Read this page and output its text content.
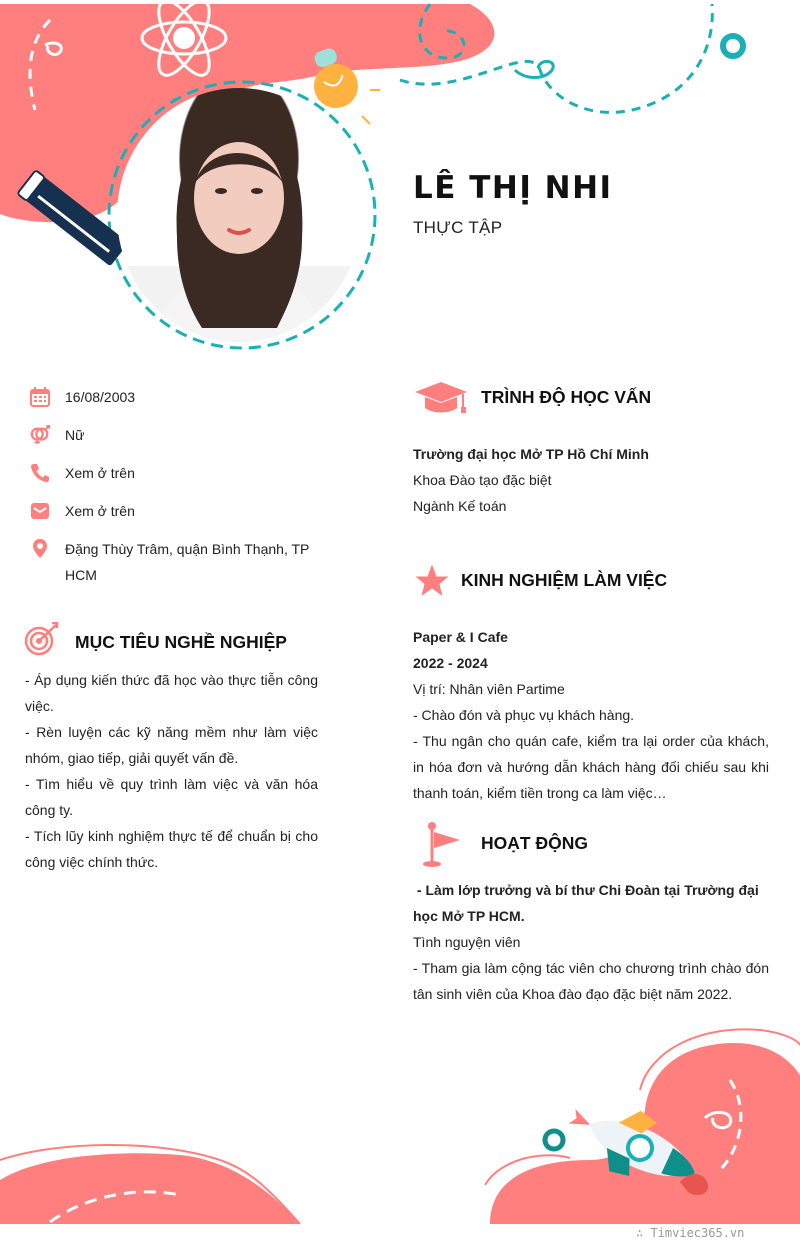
LÊ THỊ NHI
THỰC TẬP
16/08/2003
Nữ
Xem ở trên
Xem ở trên
Đặng Thùy Trâm, quận Bình Thạnh, TP HCM
MỤC TIÊU NGHỀ NGHIỆP

- Áp dụng kiến thức đã học vào thực tiễn công việc.

- Rèn luyện các kỹ năng mềm như làm việc nhóm, giao tiếp, giải quyết vấn đề.

- Tìm hiểu về quy trình làm việc và văn hóa công ty.

- Tích lũy kinh nghiệm thực tế để chuẩn bị cho công việc chính thức.

TRÌNH ĐỘ HỌC VẤN

Trường đại học Mở TP Hồ Chí Minh

Khoa Đào tạo đặc biệt

Ngành Kế toán

KINH NGHIỆM LÀM VIỆC

Paper & I Cafe

2022 - 2024

Vị trí: Nhân viên Partime

- Chào đón và phục vụ khách hàng.

- Thu ngân cho quán cafe, kiểm tra lại order của khách, in hóa đơn và hướng dẫn khách hàng đối chiếu sau khi thanh toán, kiểm tiền trong ca làm việc…

HOẠT ĐỘNG

- Làm lớp trưởng và bí thư Chi Đoàn tại Trường đại học Mở TP HCM.

Tình nguyện viên

- Tham gia làm cộng tác viên cho chương trình chào đón tân sinh viên của Khoa đào đạo đặc biệt năm 2022.

∴ Timviec365.vn
